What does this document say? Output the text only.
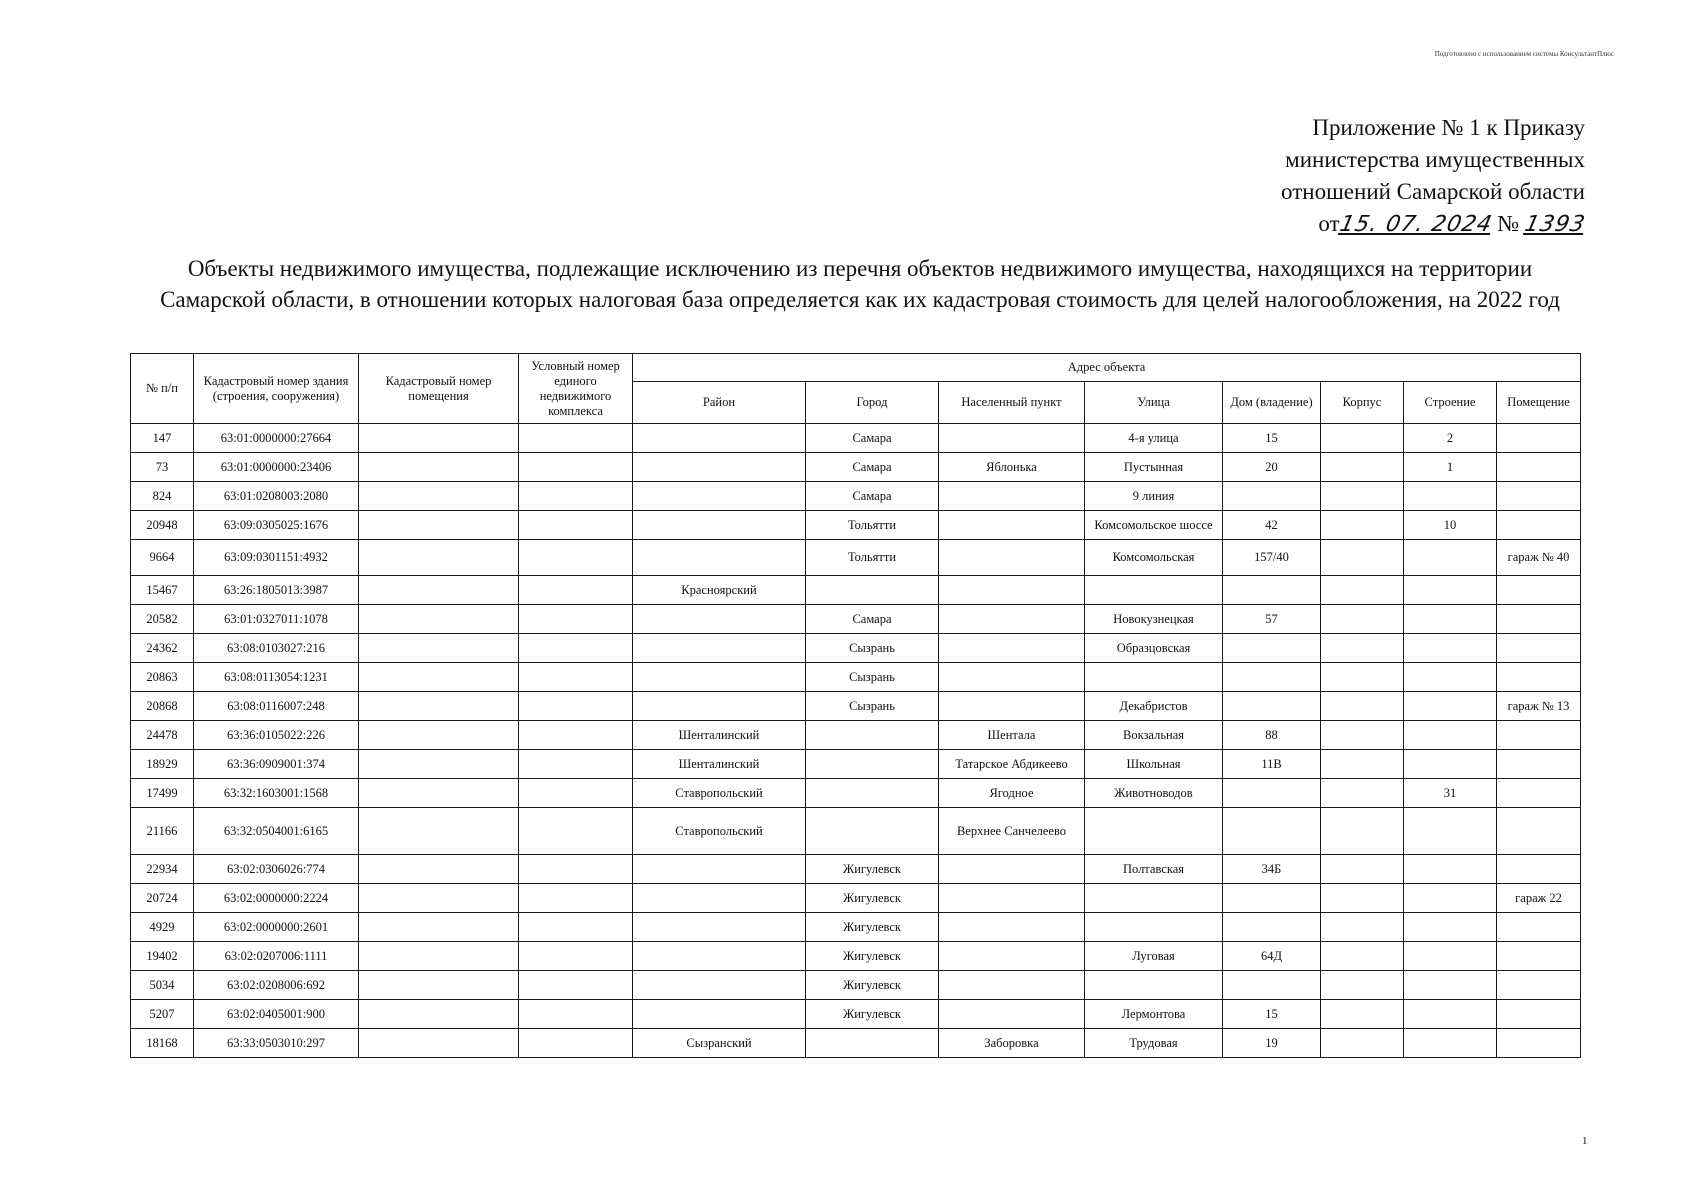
Подготовлено с использованием системы КонсультантПлюс
Приложение № 1 к Приказу
министерства имущественных
отношений Самарской области
от15. 07. 2024 № 1393
Объекты недвижимого имущества, подлежащие исключению из перечня объектов недвижимого имущества, находящихся на территории Самарской области, в отношении которых налоговая база определяется как их кадастровая стоимость для целей налогообложения, на 2022 год
№ п/п	Кадастровый номер здания (строения, сооружения)	Кадастровый номер помещения	Условный номер единого недвижимого комплекса	Адрес объекта							
				Район	Город	Населенный пункт	Улица	Дом (владение)	Корпус	Строение	Помещение
147	63:01:0000000:27664				Самара		4-я улица	15		2	
73	63:01:0000000:23406				Самара	Яблонька	Пустынная	20		1	
824	63:01:0208003:2080				Самара		9 линия				
20948	63:09:0305025:1676				Тольятти		Комсомольское шоссе	42		10	
9664	63:09:0301151:4932				Тольятти		Комсомольская	157/40			гараж № 40
15467	63:26:1805013:3987			Красноярский							
20582	63:01:0327011:1078				Самара		Новокузнецкая	57			
24362	63:08:0103027:216				Сызрань		Образцовская				
20863	63:08:0113054:1231				Сызрань						
20868	63:08:0116007:248				Сызрань		Декабристов				гараж № 13
24478	63:36:0105022:226			Шенталинский		Шентала	Вокзальная	88			
18929	63:36:0909001:374			Шенталинский		Татарское Абдикеево	Школьная	11В			
17499	63:32:1603001:1568			Ставропольский		Ягодное	Животноводов			31	
21166	63:32:0504001:6165			Ставропольский		Верхнее Санчелеево					
22934	63:02:0306026:774				Жигулевск		Полтавская	34Б			
20724	63:02:0000000:2224				Жигулевск						гараж 22
4929	63:02:0000000:2601				Жигулевск						
19402	63:02:0207006:1111				Жигулевск		Луговая	64Д			
5034	63:02:0208006:692				Жигулевск						
5207	63:02:0405001:900				Жигулевск		Лермонтова	15			
18168	63:33:0503010:297			Сызранский		Заборовка	Трудовая	19			
1
